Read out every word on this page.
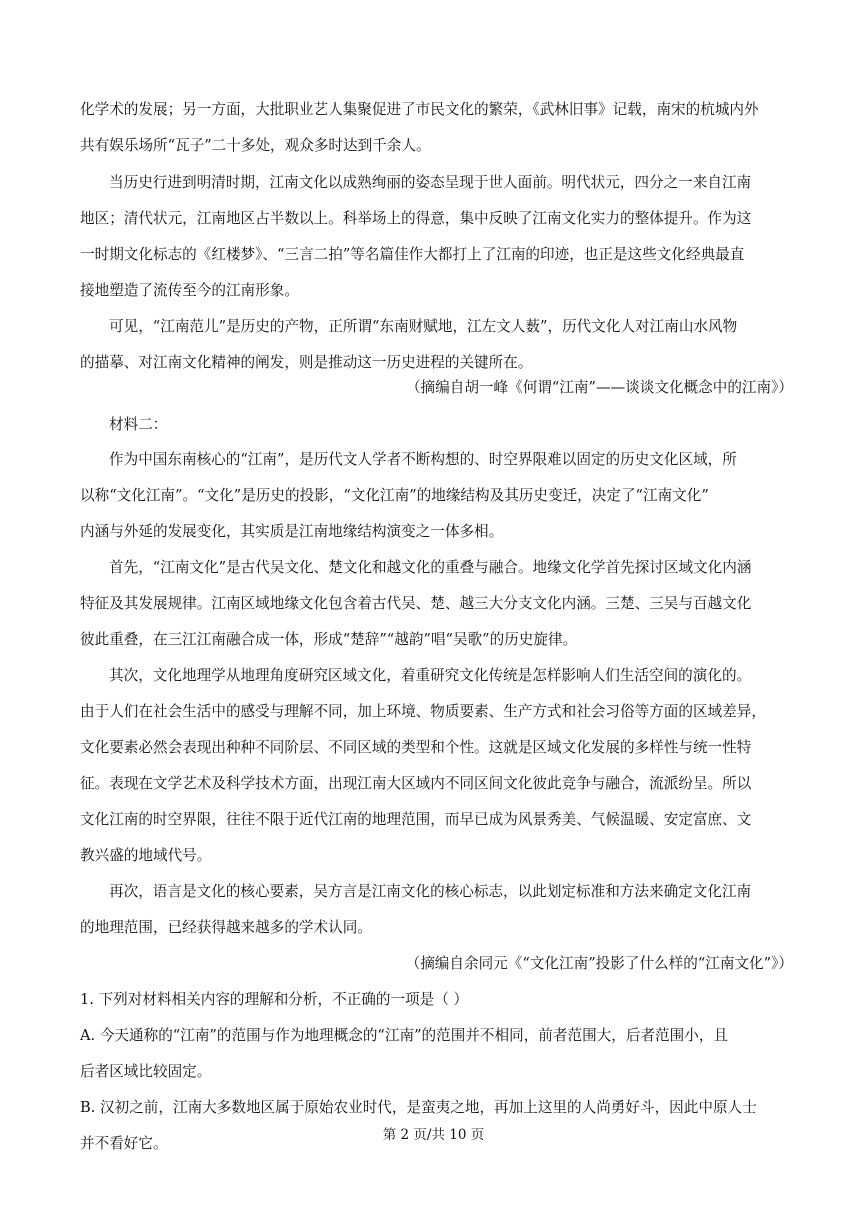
化学术的发展；另一方面，大批职业艺人集聚促进了市民文化的繁荣，《武林旧事》记载，南宋的杭城内外
共有娱乐场所“瓦子”二十多处，观众多时达到千余人。
当历史行进到明清时期，江南文化以成熟绚丽的姿态呈现于世人面前。明代状元，四分之一来自江南
地区；清代状元，江南地区占半数以上。科举场上的得意，集中反映了江南文化实力的整体提升。作为这
一时期文化标志的《红楼梦》、“三言二拍”等名篇佳作大都打上了江南的印迹，也正是这些文化经典最直
接地塑造了流传至今的江南形象。
可见，“江南范儿”是历史的产物，正所谓“东南财赋地，江左文人薮”，历代文化人对江南山水风物
的描摹、对江南文化精神的阐发，则是推动这一历史进程的关键所在。
（摘编自胡一峰《何谓“江南”——谈谈文化概念中的江南》）
材料二：
作为中国东南核心的“江南”，是历代文人学者不断构想的、时空界限难以固定的历史文化区域，所
以称“文化江南”。“文化”是历史的投影，“文化江南”的地缘结构及其历史变迁，决定了“江南文化”
内涵与外延的发展变化，其实质是江南地缘结构演变之一体多相。
首先，“江南文化”是古代吴文化、楚文化和越文化的重叠与融合。地缘文化学首先探讨区域文化内涵
特征及其发展规律。江南区域地缘文化包含着古代吴、楚、越三大分支文化内涵。三楚、三吴与百越文化
彼此重叠，在三江江南融合成一体，形成“楚辞”“越韵”唱“吴歌”的历史旋律。
其次，文化地理学从地理角度研究区域文化，着重研究文化传统是怎样影响人们生活空间的演化的。
由于人们在社会生活中的感受与理解不同，加上环境、物质要素、生产方式和社会习俗等方面的区域差异，
文化要素必然会表现出种种不同阶层、不同区域的类型和个性。这就是区域文化发展的多样性与统一性特
征。表现在文学艺术及科学技术方面，出现江南大区域内不同区间文化彼此竞争与融合，流派纷呈。所以
文化江南的时空界限，往往不限于近代江南的地理范围，而早已成为风景秀美、气候温暖、安定富庶、文
教兴盛的地域代号。
再次，语言是文化的核心要素，吴方言是江南文化的核心标志，以此划定标准和方法来确定文化江南
的地理范围，已经获得越来越多的学术认同。
（摘编自余同元《“文化江南”投影了什么样的“江南文化”》）
1. 下列对材料相关内容的理解和分析，不正确的一项是（ ）
A. 今天通称的“江南”的范围与作为地理概念的“江南”的范围并不相同，前者范围大，后者范围小，且
后者区域比较固定。
B. 汉初之前，江南大多数地区属于原始农业时代，是蛮夷之地，再加上这里的人尚勇好斗，因此中原人士
并不看好它。	第 2 页/共 10 页
